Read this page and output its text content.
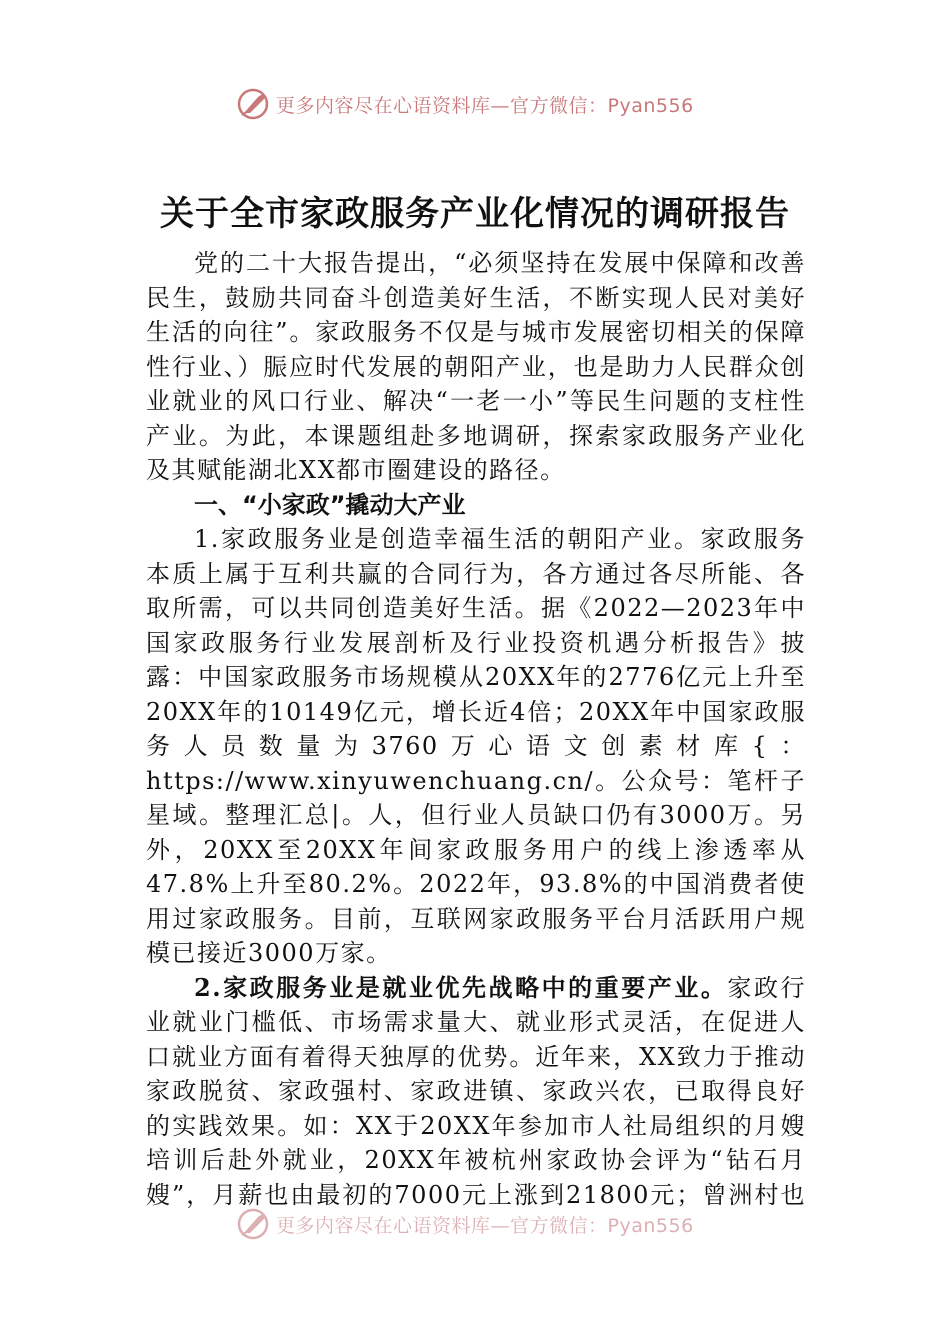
更多内容尽在心语资料库—官方微信：Pyan556
关于全市家政服务产业化情况的调研报告

党的二十大报告提出，“必须坚持在发展中保障和改善民生，鼓励共同奋斗创造美好生活，不断实现人民对美好生活的向往”。家政服务不仅是与城市发展密切相关的保障性行业、）脤应时代发展的朝阳产业，也是助力人民群众创业就业的风口行业、解决“一老一小”等民生问题的支柱性产业。为此，本课题组赴多地调研，探索家政服务产业化及其赋能湖北XX都市圈建设的路径。

一、“小家政”撬动大产业

1.家政服务业是创造幸福生活的朝阳产业。家政服务本质上属于互利共赢的合同行为，各方通过各尽所能、各取所需，可以共同创造美好生活。据《2022—2023年中国家政服务行业发展剖析及行业投资机遇分析报告》披露：中国家政服务市场规模从20XX年的2776亿元上升至20XX年的10149亿元，增长近4倍；20XX年中国家政服务人员数量为3760万心语文创素材库{：https://www.xinyuwenchuang.cn/。公众号：笔杆子星域。整理汇总|。人，但行业人员缺口仍有3000万。另外，20XX至20XX年间家政服务用户的线上渗透率从47.8%上升至80.2%。2022年，93.8%的中国消费者使用过家政服务。目前，互联网家政服务平台月活跃用户规模已接近3000万家。

2.家政服务业是就业优先战略中的重要产业。家政行业就业门槛低、市场需求量大、就业形式灵活，在促进人口就业方面有着得天独厚的优势。近年来，XX致力于推动家政脱贫、家政强村、家政进镇、家政兴农，已取得良好的实践效果。如：XX于20XX年参加市人社局组织的月嫂培训后赴外就业，20XX年被杭州家政协会评为“钻石月嫂”，月薪也由最初的7000元上涨到21800元；曾洲村也

更多内容尽在心语资料库—官方微信：Pyan556
